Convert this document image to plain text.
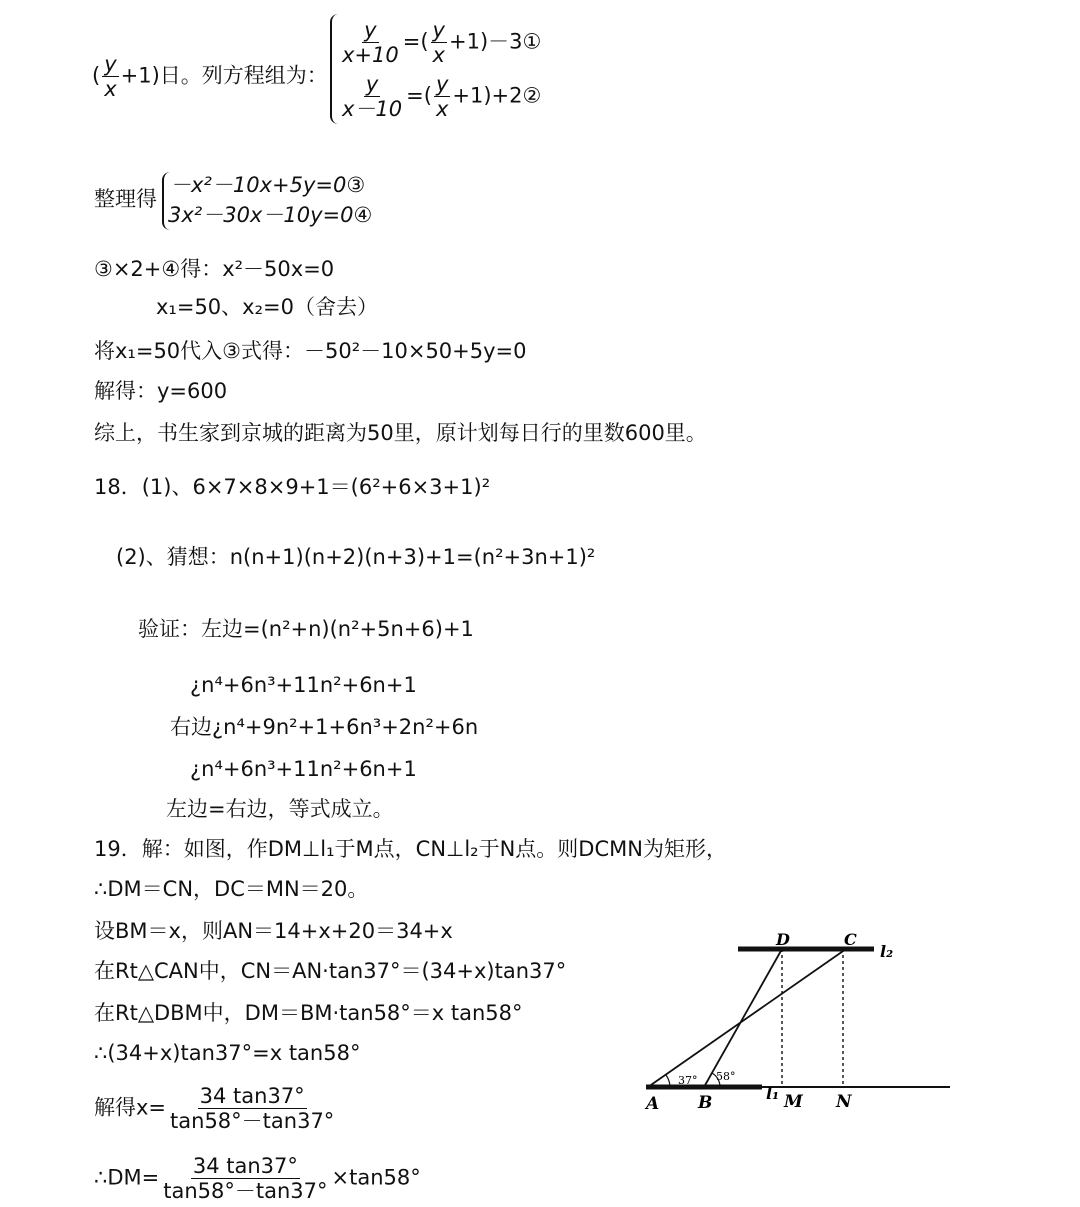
( $\frac{y}{x} +1$)日。列方程组为：
$\frac{y}{x+10}$ =( $\frac{y}{x}$ +1)－3①
$\frac{y}{x-10}$ =( $\frac{y}{x}$ +1)+2②
整理得
－x²－10x+5y=0③
3x²－30x－10y=0④
③×2+④得：x²－50x=0
x₁=50、x₂=0（舍去）
将x₁=50代入③式得：－50²－10×50+5y=0
解得：y=600
综上，书生家到京城的距离为50里，原计划每日行的里数600里。
18．(1)、6×7×8×9+1＝(6²+6×3+1)²
(2)、猜想：n(n+1)(n+2)(n+3)+1=(n²+3n+1)²
验证：左边=(n²+n)(n²+5n+6)+1
¿n⁴+6n³+11n²+6n+1
右边¿n⁴+9n²+1+6n³+2n²+6n
¿n⁴+6n³+11n²+6n+1
左边=右边，等式成立。
19．解：如图，作DM⊥l₁于M点，CN⊥l₂于N点。则DCMN为矩形，
∴DM＝CN，DC＝MN＝20。
设BM＝x，则AN＝14+x+20＝34+x
在Rt△CAN中，CN＝AN·tan37°＝(34+x)tan37°
在Rt△DBM中，DM＝BM·tan58°＝x tan58°
∴(34+x)tan37°=x tan58°
解得$x= \frac{34 \tan 37^\circ}{\tan 58^\circ-\tan 37^\circ}$
∴DM= $\frac{34 \tan 37^\circ}{\tan 58^\circ-\tan 37^\circ} \times\tan 58^\circ$
A B
C
D
M N
l₁
l₂
37° 58°
